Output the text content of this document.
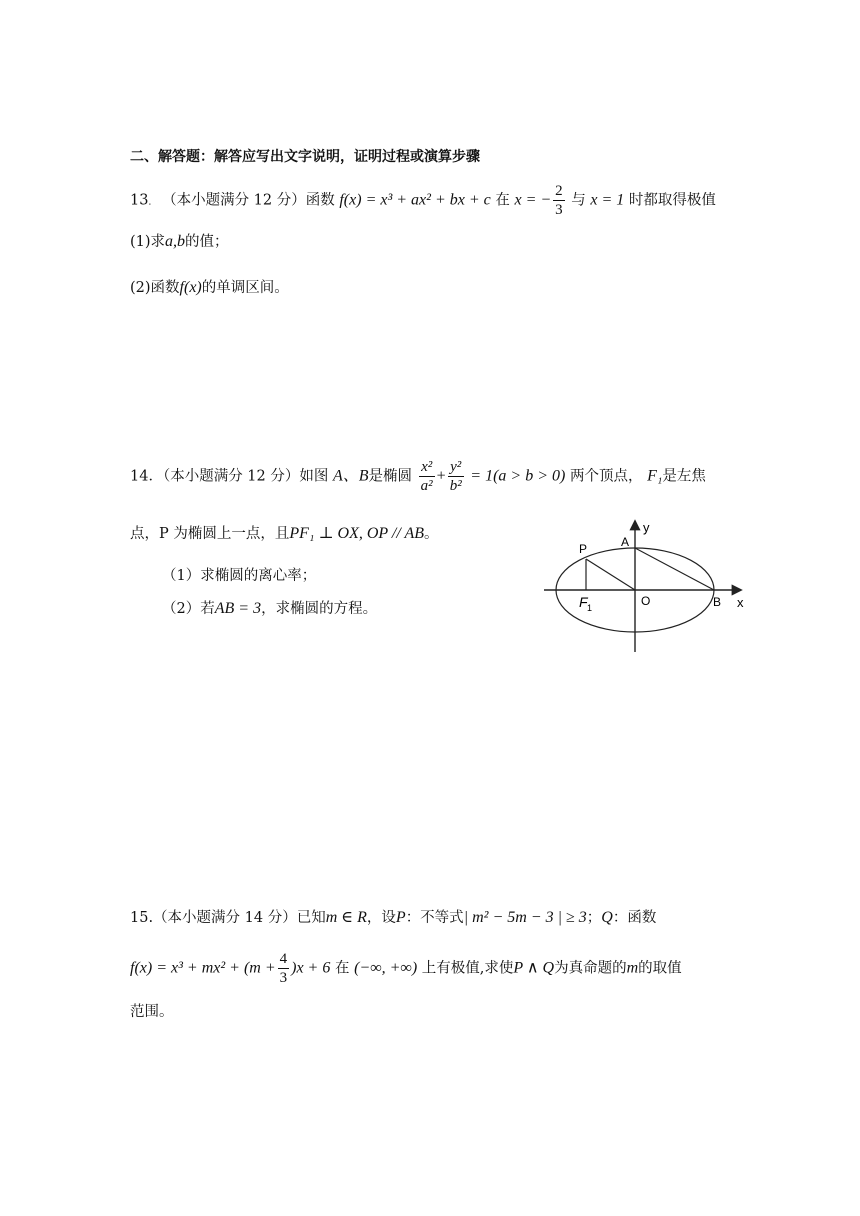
二、解答题：解答应写出文字说明，证明过程或演算步骤
13． （本小题满分 12 分）函数 f(x) = x³ + ax² + bx + c 在 x = − $\frac{2}{3}$ 与 x = 1 时都取得极值
(1)求a,b的值；
(2)函数f(x)的单调区间。
14．（本小题满分 12 分）如图 A、B是椭圆 $\frac{\text{x²}}{\text{a²}} + \frac{\text{y²}}{\text{b²}} = 1(a > b > 0)$ 两个顶点， F₁是左焦
点，P 为椭圆上一点，且PF₁ ⊥ OX, OP // AB。
（1）求椭圆的离心率；
（2）若AB = 3，求椭圆的方程。
y
A
P
F 1	O	B x
15.（本小题满分 14 分）已知m ∈ R，设P：不等式| m² − 5m − 3 | ≥ 3；Q：函数
$f(x) = x^3 + mx^2 + (m + \frac{4}{3} )x + 6$ 在 (−∞, +∞) 上有极值,求使P ∧ Q为真命题的m的取值
范围。
